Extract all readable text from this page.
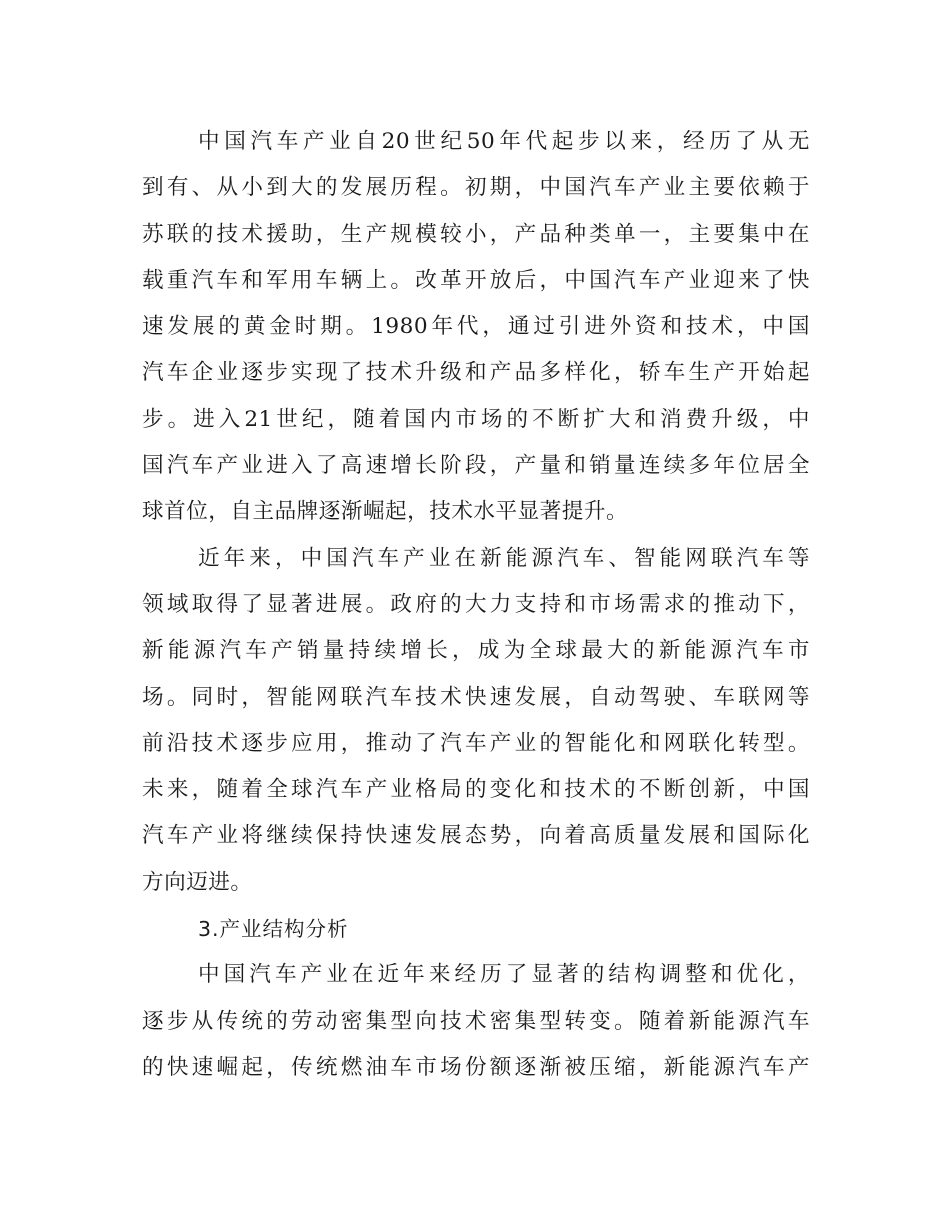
中国汽车产业自20世纪50年代起步以来，经历了从无
到有、从小到大的发展历程。初期，中国汽车产业主要依赖于
苏联的技术援助，生产规模较小，产品种类单一，主要集中在
载重汽车和军用车辆上。改革开放后，中国汽车产业迎来了快
速发展的黄金时期。1980年代，通过引进外资和技术，中国
汽车企业逐步实现了技术升级和产品多样化，轿车生产开始起
步。进入21世纪，随着国内市场的不断扩大和消费升级，中
国汽车产业进入了高速增长阶段，产量和销量连续多年位居全
球首位，自主品牌逐渐崛起，技术水平显著提升。
近年来，中国汽车产业在新能源汽车、智能网联汽车等
领域取得了显著进展。政府的大力支持和市场需求的推动下，
新能源汽车产销量持续增长，成为全球最大的新能源汽车市
场。同时，智能网联汽车技术快速发展，自动驾驶、车联网等
前沿技术逐步应用，推动了汽车产业的智能化和网联化转型。
未来，随着全球汽车产业格局的变化和技术的不断创新，中国
汽车产业将继续保持快速发展态势，向着高质量发展和国际化
方向迈进。
3.产业结构分析
中国汽车产业在近年来经历了显著的结构调整和优化，
逐步从传统的劳动密集型向技术密集型转变。随着新能源汽车
的快速崛起，传统燃油车市场份额逐渐被压缩，新能源汽车产
